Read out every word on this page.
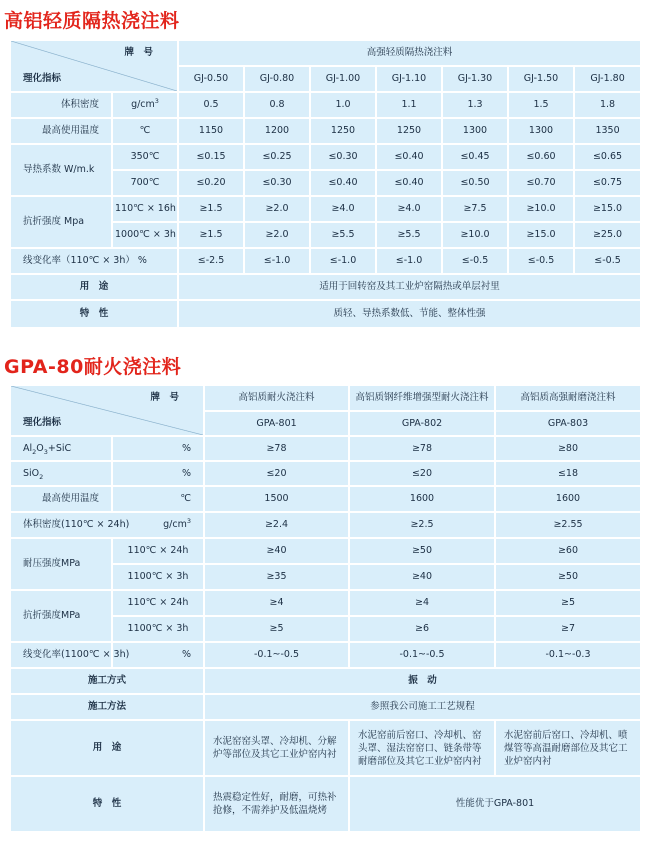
高铝轻质隔热浇注料
牌　号
理化指标		高强轻质隔热浇注料						
		GJ-0.50	GJ-0.80	GJ-1.00	GJ-1.10	GJ-1.30	GJ-1.50	GJ-1.80
体积密度	$g/cm^3$	0.5	0.8	1.0	1.1	1.3	1.5	1.8
最高使用温度	℃	1150	1200	1250	1250	1300	1300	1350
导热系数 W/m.k	350℃	≤0.15	≤0.25	≤0.30	≤0.40	≤0.45	≤0.60	≤0.65
	700℃	≤0.20	≤0.30	≤0.40	≤0.40	≤0.50	≤0.70	≤0.75
抗折强度 Mpa	110℃ × 16h	≥1.5	≥2.0	≥4.0	≥4.0	≥7.5	≥10.0	≥15.0
	1000℃ × 3h	≥1.5	≥2.0	≥5.5	≥5.5	≥10.0	≥15.0	≥25.0
线变化率（110℃ × 3h） %		≤-2.5	≤-1.0	≤-1.0	≤-1.0	≤-0.5	≤-0.5	≤-0.5
用　途		适用于回转窑及其工业炉窑隔热或单层衬里						
特　性		质轻、导热系数低、节能、整体性强						
GPA-80耐火浇注料
牌　号
理化指标		高铝质耐火浇注料	高铝质钢纤维增强型耐火浇注料	高铝质高强耐磨浇注料
		GPA-801	GPA-802	GPA-803
$Al_2O_3+SiC$	%	≥78	≥78	≥80
SiO$_2$	%	≤20	≤20	≤18
最高使用温度	℃	1500	1600	1600
体积密度(110℃ × 24h) $g/cm^3$		≥2.4	≥2.5	≥2.55
耐压强度MPa	110℃ × 24h	≥40	≥50	≥60
	1100℃ × 3h	≥35	≥40	≥50
抗折强度MPa	110℃ × 24h	≥4	≥4	≥5
	1100℃ × 3h	≥5	≥6	≥7
线变化率(1100℃ × 3h)	%	-0.1~-0.5	-0.1~-0.5	-0.1~-0.3
施工方式		振　动		
施工方法		参照我公司施工工艺规程		
用　途		水泥窑窑头罩、冷却机、分解炉等部位及其它工业炉窑内衬	水泥窑前后窑口、冷却机、窑头罩、湿法窑窑口、链条带等耐磨部位及其它工业炉窑内衬	水泥窑前后窑口、冷却机、喷煤管等高温耐磨部位及其它工业炉窑内衬
特　性		热震稳定性好，耐磨，可热补抢修，不需养护及低温烧烤	性能优于GPA-801	
